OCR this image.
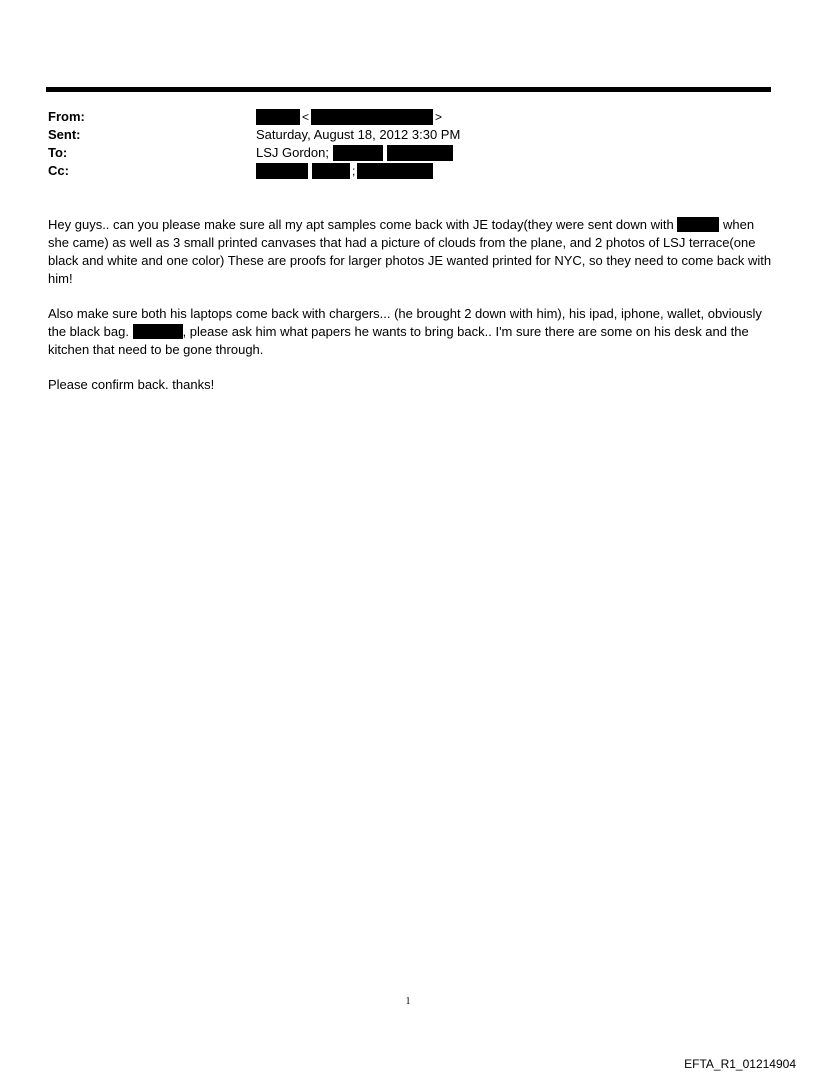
From:	<	>
Sent:	Saturday, August 18, 2012 3:30 PM
To:	LSJ Gordon;
Cc:	;

Hey guys.. can you please make sure all my apt samples come back with JE today(they were sent down with	when she came) as well as 3 small printed canvases that had a picture of clouds from the plane, and 2 photos of LSJ terrace(one black and white and one color) These are proofs for larger photos JE wanted printed for NYC, so they need to come back with him!

Also make sure both his laptops come back with chargers... (he brought 2 down with him), his ipad, iphone, wallet, obviously the black bag.	, please ask him what papers he wants to bring back.. I'm sure there are some on his desk and the kitchen that need to be gone through.

Please confirm back. thanks!

1
EFTA_R1_01214904
